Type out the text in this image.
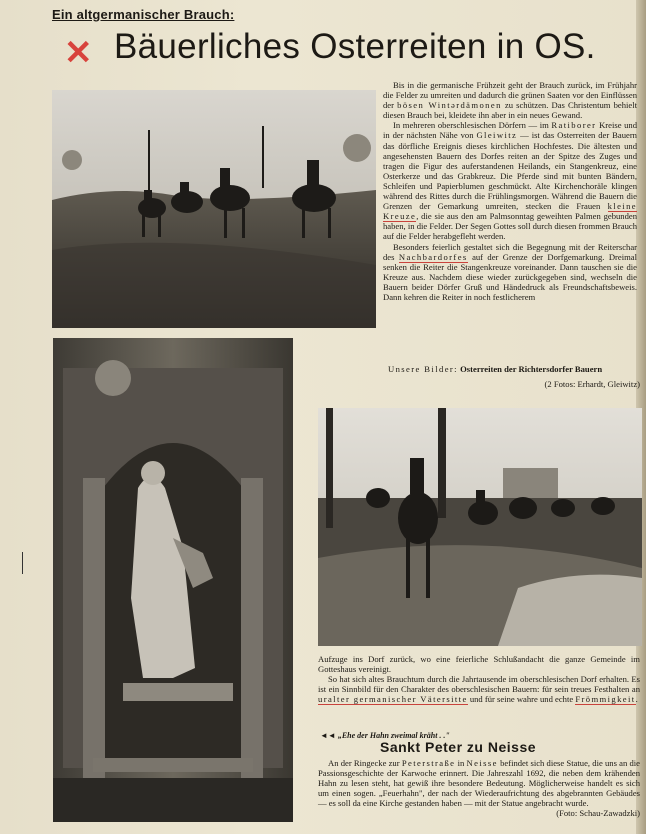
Ein altgermanischer Brauch:
✕ Bäuerliches Osterreiten in OS.

Bis in die germanische Frühzeit geht der Brauch zurück, im Frühjahr die Felder zu umreiten und dadurch die grünen Saaten vor den Einflüssen der bösen Wintərdämonen zu schützen. Das Christentum behielt diesen Brauch bei, kleidete ihn aber in ein neues Gewand.

In mehreren oberschlesischen Dörfern — im Ratiborer Kreise und in der nächsten Nähe von Gleiwitz — ist das Osterreiten der Bauern das dörfliche Ereignis dieses kirchlichen Hochfestes. Die ältesten und angesehensten Bauern des Dorfes reiten an der Spitze des Zuges und tragen die Figur des auferstandenen Heilands, ein Stangenkreuz, eine Osterkerze und das Grabkreuz. Die Pferde sind mit bunten Bändern, Schleifen und Papierblumen geschmückt. Alte Kirchenchoräle klingen während des Rittes durch die Frühlingsmorgen. Während die Bauern die Grenzen der Gemarkung umreiten, stecken die Frauen kleine Kreuze, die sie aus den am Palmsonntag geweihten Palmen gebunden haben, in die Felder. Der Segen Gottes soll durch diesen frommen Brauch auf die Felder herabgefleht werden.

Besonders feierlich gestaltet sich die Begegnung mit der Reiterschar des Nachbardorfes auf der Grenze der Dorfgemarkung. Dreimal senken die Reiter die Stangenkreuze voreinander. Dann tauschen sie die Kreuze aus. Nachdem diese wieder zurückgegeben sind, wechseln die Bauern beider Dörfer Gruß und Händedruck als Freundschaftsbeweis. Dann kehren die Reiter in noch festlicherem

Unsere Bilder: Osterreiten der Richtersdorfer Bauern
(2 Fotos: Erhardt, Gleiwitz)

Aufzuge ins Dorf zurück, wo eine feierliche Schlußandacht die ganze Gemeinde im Gotteshaus vereinigt.

So hat sich altes Brauchtum durch die Jahrtausende im oberschlesischen Dorf erhalten. Es ist ein Sinnbild für den Charakter des oberschlesischen Bauern: für sein treues Festhalten an uralter germanischer Vätersitte und für seine wahre und echte Frömmigkeit.

◄◄ „Ehe der Hahn zweimal kräht . ."
Sankt Peter zu Neisse

An der Ringecke zur Peterstraße in Neisse befindet sich diese Statue, die uns an die Passionsgeschichte der Karwoche erinnert. Die Jahreszahl 1692, die neben dem krähenden Hahn zu lesen steht, hat gewiß ihre besondere Bedeutung. Möglicherweise handelt es sich um einen sogen. „Feuerhahn", der nach der Wiederaufrichtung des abgebrannten Gebäudes — es soll da eine Kirche gestanden haben — mit der Statue angebracht wurde.
(Foto: Schau-Zawadzki)
